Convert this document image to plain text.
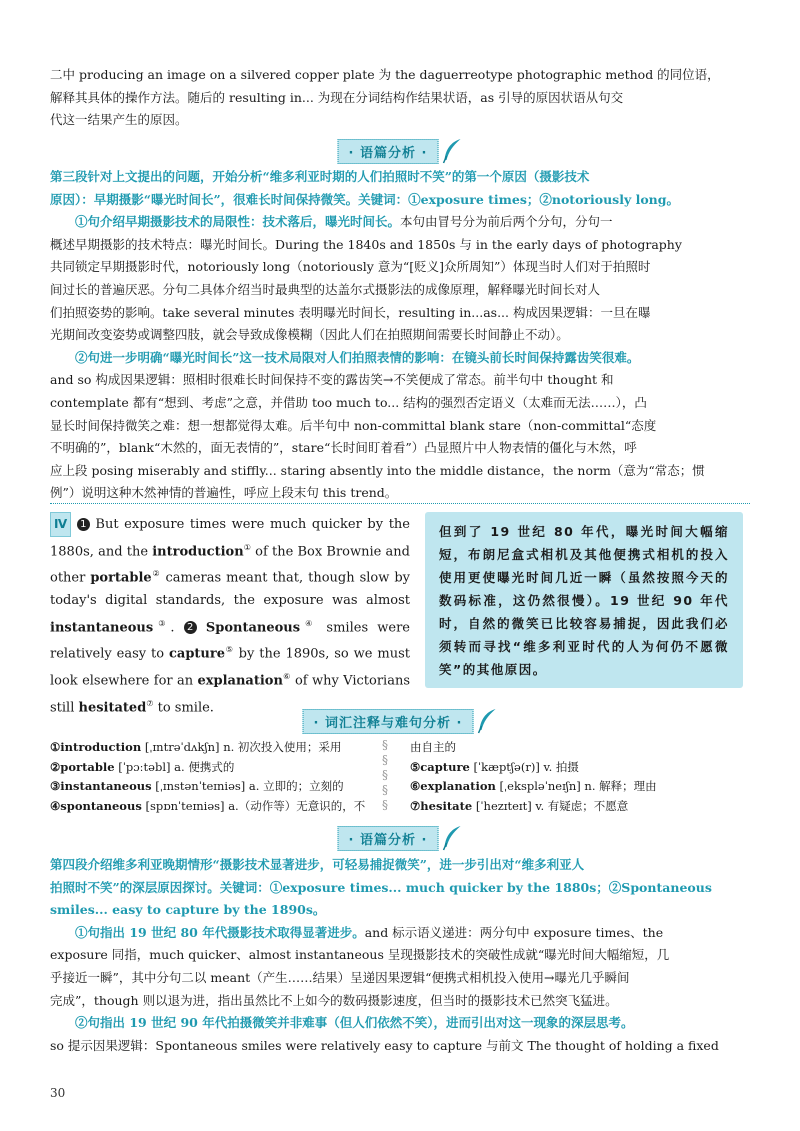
二中 producing an image on a silvered copper plate 为 the daguerreotype photographic method 的同位语，
解释其具体的操作方法。随后的 resulting in... 为现在分词结构作结果状语，as 引导的原因状语从句交
代这一结果产生的原因。
· 语篇分析 ·
第三段针对上文提出的问题，开始分析“维多利亚时期的人们拍照时不笑”的第一个原因（摄影技术
原因）：早期摄影“曝光时间长”，很难长时间保持微笑。关键词：①exposure times；②notoriously long。
①句介绍早期摄影技术的局限性：技术落后，曝光时间长。本句由冒号分为前后两个分句，分句一
概述早期摄影的技术特点：曝光时间长。During the 1840s and 1850s 与 in the early days of photography
共同锁定早期摄影时代，notoriously long（notoriously 意为“[贬义]众所周知”）体现当时人们对于拍照时
间过长的普遍厌恶。分句二具体介绍当时最典型的达盖尔式摄影法的成像原理，解释曝光时间长对人
们拍照姿势的影响。take several minutes 表明曝光时间长，resulting in...as... 构成因果逻辑：一旦在曝
光期间改变姿势或调整四肢，就会导致成像模糊（因此人们在拍照期间需要长时间静止不动）。
②句进一步明确“曝光时间长”这一技术局限对人们拍照表情的影响：在镜头前长时间保持露齿笑很难。
and so 构成因果逻辑：照相时很难长时间保持不变的露齿笑→不笑便成了常态。前半句中 thought 和
contemplate 都有“想到、考虑”之意，并借助 too much to... 结构的强烈否定语义（太难而无法……），凸
显长时间保持微笑之难：想一想都觉得太难。后半句中 non-committal blank stare（non-committal“态度
不明确的”，blank“木然的，面无表情的”，stare“长时间盯着看”）凸显照片中人物表情的僵化与木然，呼
应上段 posing miserably and stiffly... staring absently into the middle distance，the norm（意为“常态；惯
例”）说明这种木然神情的普遍性，呼应上段末句 this trend。
Ⅳ 1 But exposure times were much quicker by the 1880s, and the introduction① of the Box Brownie and other portable② cameras meant that, though slow by today's digital standards, the exposure was almost instantaneous③. 2 Spontaneous④ smiles were relatively easy to capture⑤ by the 1890s, so we must look elsewhere for an explanation⑥ of why Victorians still hesitated⑦ to smile.
但到了 19 世纪 80 年代，曝光时间大幅缩短，布朗尼盒式相机及其他便携式相机的投入使用更使曝光时间几近一瞬（虽然按照今天的数码标准，这仍然很慢）。19 世纪 90 年代时，自然的微笑已比较容易捕捉，因此我们必须转而寻找“维多利亚时代的人为何仍不愿微笑”的其他原因。
· 词汇注释与难句分析 ·
①introduction [ˌɪntrəˈdʌkʃn] n. 初次投入使用；采用
②portable [ˈpɔːtəbl] a. 便携式的
③instantaneous [ˌɪnstənˈteɪniəs] a. 立即的；立刻的
④spontaneous [spɒnˈteɪniəs] a.（动作等）无意识的，不
§
§
§
§
§
由自主的
⑤capture [ˈkæptʃə(r)] v. 拍摄
⑥explanation [ˌekspləˈneɪʃn] n. 解释；理由
⑦hesitate [ˈhezɪteɪt] v. 有疑虑；不愿意
· 语篇分析 ·
第四段介绍维多利亚晚期情形“摄影技术显著进步，可轻易捕捉微笑”，进一步引出对“维多利亚人
拍照时不笑”的深层原因探讨。关键词：①exposure times... much quicker by the 1880s；②Spontaneous
smiles... easy to capture by the 1890s。
①句指出 19 世纪 80 年代摄影技术取得显著进步。and 标示语义递进：两分句中 exposure times、the
exposure 同指，much quicker、almost instantaneous 呈现摄影技术的突破性成就“曝光时间大幅缩短，几
乎接近一瞬”，其中分句二以 meant（产生……结果）呈递因果逻辑“便携式相机投入使用→曝光几乎瞬间
完成”，though 则以退为进，指出虽然比不上如今的数码摄影速度，但当时的摄影技术已然突飞猛进。
②句指出 19 世纪 90 年代拍摄微笑并非难事（但人们依然不笑），进而引出对这一现象的深层思考。
so 提示因果逻辑：Spontaneous smiles were relatively easy to capture 与前文 The thought of holding a fixed
30
